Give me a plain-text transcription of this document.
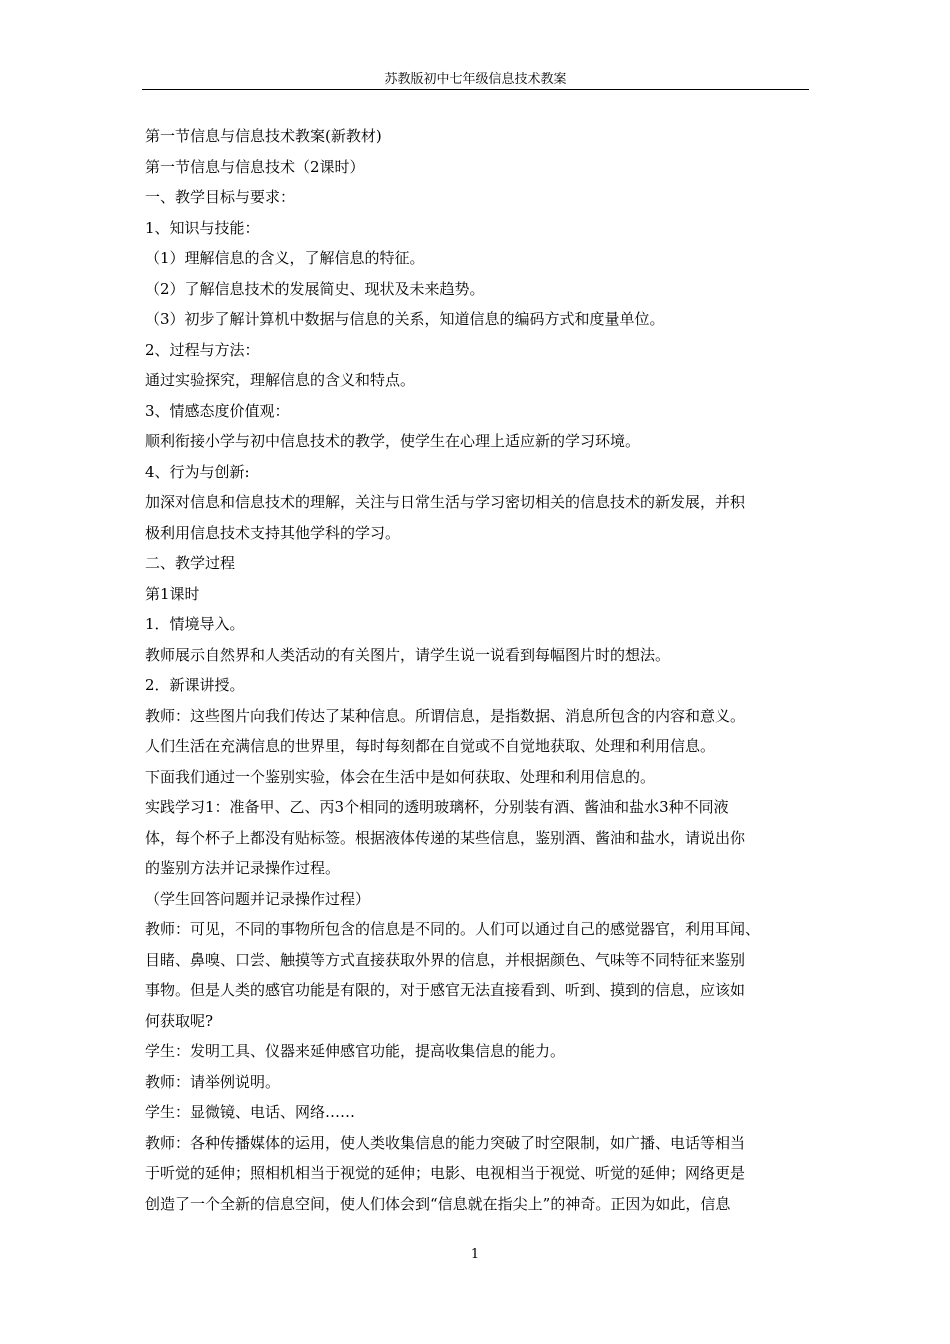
苏教版初中七年级信息技术教案
第一节信息与信息技术教案(新教材)
第一节信息与信息技术（2课时）
一、教学目标与要求：
1、知识与技能：
（1）理解信息的含义，了解信息的特征。
（2）了解信息技术的发展简史、现状及未来趋势。
（3）初步了解计算机中数据与信息的关系，知道信息的编码方式和度量单位。
2、过程与方法：
通过实验探究，理解信息的含义和特点。
3、情感态度价值观：
顺利衔接小学与初中信息技术的教学，使学生在心理上适应新的学习环境。
4、行为与创新:
加深对信息和信息技术的理解，关注与日常生活与学习密切相关的信息技术的新发展，并积
极利用信息技术支持其他学科的学习。
二、教学过程
第1课时
1．情境导入。
教师展示自然界和人类活动的有关图片，请学生说一说看到每幅图片时的想法。
2．新课讲授。
教师：这些图片向我们传达了某种信息。所谓信息，是指数据、消息所包含的内容和意义。
人们生活在充满信息的世界里，每时每刻都在自觉或不自觉地获取、处理和利用信息。
下面我们通过一个鉴别实验，体会在生活中是如何获取、处理和利用信息的。
实践学习1：准备甲、乙、丙3个相同的透明玻璃杯，分别装有酒、酱油和盐水3种不同液
体，每个杯子上都没有贴标签。根据液体传递的某些信息，鉴别酒、酱油和盐水，请说出你
的鉴别方法并记录操作过程。
（学生回答问题并记录操作过程）
教师：可见，不同的事物所包含的信息是不同的。人们可以通过自己的感觉器官，利用耳闻、
目睹、鼻嗅、口尝、触摸等方式直接获取外界的信息，并根据颜色、气味等不同特征来鉴别
事物。但是人类的感官功能是有限的，对于感官无法直接看到、听到、摸到的信息，应该如
何获取呢?
学生：发明工具、仪器来延伸感官功能，提高收集信息的能力。
教师：请举例说明。
学生：显微镜、电话、网络……
教师：各种传播媒体的运用，使人类收集信息的能力突破了时空限制，如广播、电话等相当
于听觉的延伸；照相机相当于视觉的延伸；电影、电视相当于视觉、听觉的延伸；网络更是
创造了一个全新的信息空间，使人们体会到“信息就在指尖上”的神奇。正因为如此，信息
1
